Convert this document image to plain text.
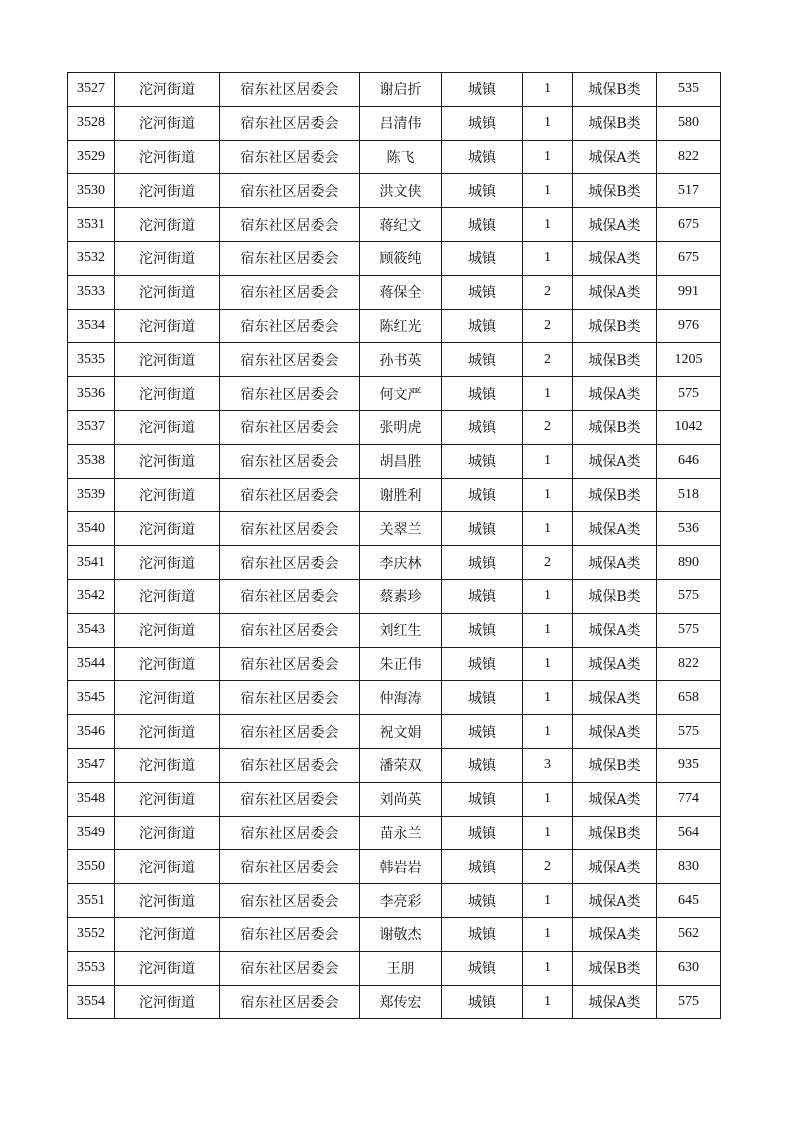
3527	沱河街道	宿东社区居委会	谢启折	城镇	1	城保B类	535
3528	沱河街道	宿东社区居委会	吕清伟	城镇	1	城保B类	580
3529	沱河街道	宿东社区居委会	陈飞	城镇	1	城保A类	822
3530	沱河街道	宿东社区居委会	洪文侠	城镇	1	城保B类	517
3531	沱河街道	宿东社区居委会	蒋纪文	城镇	1	城保A类	675
3532	沱河街道	宿东社区居委会	顾筱纯	城镇	1	城保A类	675
3533	沱河街道	宿东社区居委会	蒋保全	城镇	2	城保A类	991
3534	沱河街道	宿东社区居委会	陈红光	城镇	2	城保B类	976
3535	沱河街道	宿东社区居委会	孙书英	城镇	2	城保B类	1205
3536	沱河街道	宿东社区居委会	何文严	城镇	1	城保A类	575
3537	沱河街道	宿东社区居委会	张明虎	城镇	2	城保B类	1042
3538	沱河街道	宿东社区居委会	胡昌胜	城镇	1	城保A类	646
3539	沱河街道	宿东社区居委会	谢胜利	城镇	1	城保B类	518
3540	沱河街道	宿东社区居委会	关翠兰	城镇	1	城保A类	536
3541	沱河街道	宿东社区居委会	李庆林	城镇	2	城保A类	890
3542	沱河街道	宿东社区居委会	蔡素珍	城镇	1	城保B类	575
3543	沱河街道	宿东社区居委会	刘红生	城镇	1	城保A类	575
3544	沱河街道	宿东社区居委会	朱正伟	城镇	1	城保A类	822
3545	沱河街道	宿东社区居委会	仲海涛	城镇	1	城保A类	658
3546	沱河街道	宿东社区居委会	祝文娟	城镇	1	城保A类	575
3547	沱河街道	宿东社区居委会	潘荣双	城镇	3	城保B类	935
3548	沱河街道	宿东社区居委会	刘尚英	城镇	1	城保A类	774
3549	沱河街道	宿东社区居委会	苗永兰	城镇	1	城保B类	564
3550	沱河街道	宿东社区居委会	韩岩岩	城镇	2	城保A类	830
3551	沱河街道	宿东社区居委会	李亮彩	城镇	1	城保A类	645
3552	沱河街道	宿东社区居委会	谢敬杰	城镇	1	城保A类	562
3553	沱河街道	宿东社区居委会	王朋	城镇	1	城保B类	630
3554	沱河街道	宿东社区居委会	郑传宏	城镇	1	城保A类	575
